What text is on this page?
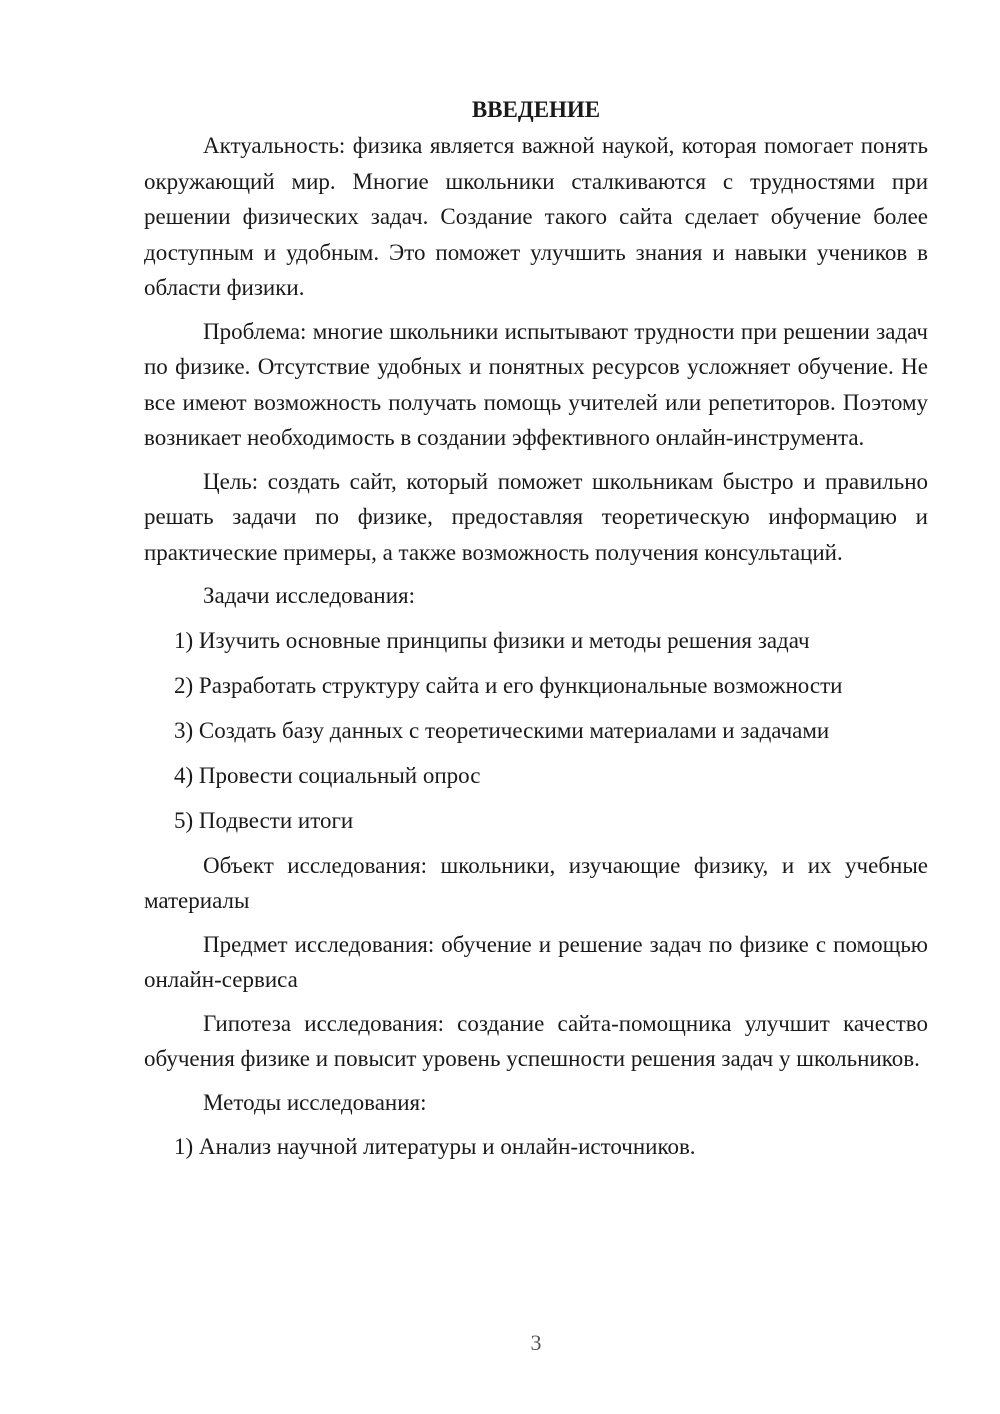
ВВЕДЕНИЕ

Актуальность: физика является важной наукой, которая помогает понять окружающий мир. Многие школьники сталкиваются с трудностями при решении физических задач. Создание такого сайта сделает обучение более доступным и удобным. Это поможет улучшить знания и навыки учеников в области физики.

Проблема: многие школьники испытывают трудности при решении задач по физике. Отсутствие удобных и понятных ресурсов усложняет обучение. Не все имеют возможность получать помощь учителей или репетиторов. Поэтому возникает необходимость в создании эффективного онлайн-инструмента.

Цель: создать сайт, который поможет школьникам быстро и правильно решать задачи по физике, предоставляя теоретическую информацию и практические примеры, а также возможность получения консультаций.

Задачи исследования:
1) Изучить основные принципы физики и методы решения задач
2) Разработать структуру сайта и его функциональные возможности
3) Создать базу данных с теоретическими материалами и задачами
4) Провести социальный опрос
5) Подвести итоги

Объект исследования: школьники, изучающие физику, и их учебные материалы

Предмет исследования: обучение и решение задач по физике с помощью онлайн-сервиса

Гипотеза исследования: создание сайта-помощника улучшит качество обучения физике и повысит уровень успешности решения задач у школьников.

Методы исследования:
1) Анализ научной литературы и онлайн-источников.
3
